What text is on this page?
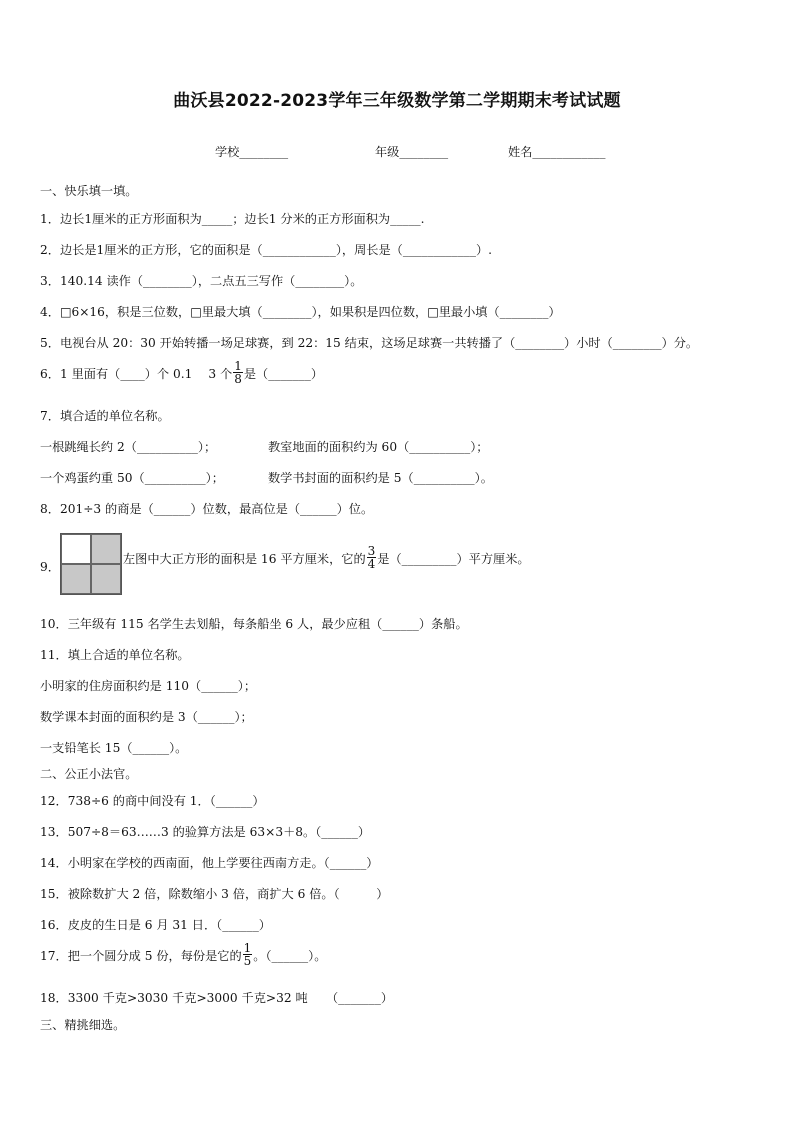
曲沃县2022-2023学年三年级数学第二学期期末考试试题
学校________	年级________	姓名____________
一、快乐填一填。
1．边长1厘米的正方形面积为_____；边长1 分米的正方形面积为_____.
2．边长是1厘米的正方形，它的面积是（____________），周长是（____________）.
3．140.14 读作（________），二点五三写作（________）。
4．□6×16，积是三位数，□里最大填（________），如果积是四位数，□里最小填（________）
5．电视台从 20：30 开始转播一场足球赛，到 22：15 结束，这场足球赛一共转播了（________）小时（________）分。
6．1 里面有（____）个 0.1　 3 个 $\frac{1}{8}$ 是（_______）
7．填合适的单位名称。
一根跳绳长约 2（__________）；	教室地面的面积约为 60（__________）；
一个鸡蛋约重 50（__________）；	数学书封面的面积约是 5（__________）。
8．201÷3 的商是（______）位数，最高位是（______）位。
9．
左图中大正方形的面积是 16 平方厘米，它的 $\frac{3}{4}$ 是（_________）平方厘米。
10．三年级有 115 名学生去划船，每条船坐 6 人，最少应租（______）条船。
11．填上合适的单位名称。
小明家的住房面积约是 110（______）；
数学课本封面的面积约是 3（______）；
一支铅笔长 15（______）。
二、公正小法官。
12．738÷6 的商中间没有 1．（______）
13．507÷8＝63……3 的验算方法是 63×3＋8。（______）
14．小明家在学校的西南面，他上学要往西南方走。（______）
15．被除数扩大 2 倍，除数缩小 3 倍，商扩大 6 倍。（　　　）
16．皮皮的生日是 6 月 31 日．（______）
17．把一个圆分成 5 份，每份是它的 $\frac{1}{5}$ 。（______）。
18．3300 千克>3030 千克>3000 千克>32 吨　　（_______）
三、精挑细选。
